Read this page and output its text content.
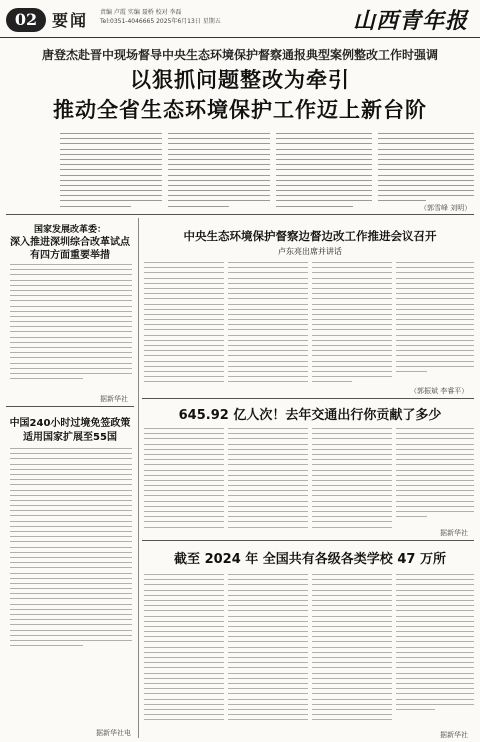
02 要闻 责编 卢霞 实编 聂桥 校对 李磊
Tel:0351-4046665 2025年6月13日 星期五	山西青年报
唐登杰赴晋中现场督导中央生态环境保护督察通报典型案例整改工作时强调
以狠抓问题整改为牵引
推动全省生态环境保护工作迈上新台阶
（郭雪峰 刘明）
国家发展改革委：
深入推进深圳综合改革试点
有四方面重要举措
据新华社
中国240小时过境免签政策
适用国家扩展至55国
据新华社电
中央生态环境保护督察边督边改工作推进会议召开
卢东亮出席并讲话
（郭振斌 李睿平）
645.92 亿人次！去年交通出行你贡献了多少
据新华社
截至 2024 年 全国共有各级各类学校 47 万所
据新华社
